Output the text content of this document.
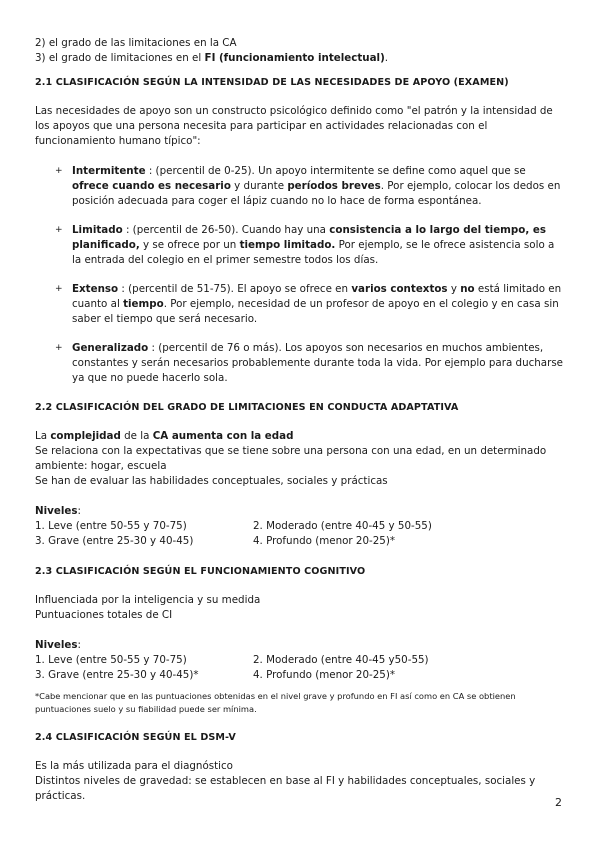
2) el grado de las limitaciones en la CA

3) el grado de limitaciones en el FI (funcionamiento intelectual).

2.1 CLASIFICACIÓN SEGÚN LA INTENSIDAD DE LAS NECESIDADES DE APOYO (EXAMEN)

Las necesidades de apoyo son un constructo psicológico definido como "el patrón y la intensidad de los apoyos que una persona necesita para participar en actividades relacionadas con el funcionamiento humano típico":

+ Intermitente : (percentil de 0-25). Un apoyo intermitente se define como aquel que se ofrece cuando es necesario y durante períodos breves. Por ejemplo, colocar los dedos en posición adecuada para coger el lápiz cuando no lo hace de forma espontánea.
+ Limitado : (percentil de 26-50). Cuando hay una consistencia a lo largo del tiempo, es planificado, y se ofrece por un tiempo limitado. Por ejemplo, se le ofrece asistencia solo a la entrada del colegio en el primer semestre todos los días.
+ Extenso : (percentil de 51-75). El apoyo se ofrece en varios contextos y no está limitado en cuanto al tiempo. Por ejemplo, necesidad de un profesor de apoyo en el colegio y en casa sin saber el tiempo que será necesario.
+ Generalizado : (percentil de 76 o más). Los apoyos son necesarios en muchos ambientes, constantes y serán necesarios probablemente durante toda la vida. Por ejemplo para ducharse ya que no puede hacerlo sola.

2.2 CLASIFICACIÓN DEL GRADO DE LIMITACIONES EN CONDUCTA ADAPTATIVA

La complejidad de la CA aumenta con la edad

Se relaciona con la expectativas que se tiene sobre una persona con una edad, en un determinado ambiente: hogar, escuela

Se han de evaluar las habilidades conceptuales, sociales y prácticas

Niveles:

1. Leve (entre 50-55 y 70-75)	2. Moderado (entre 40-45 y 50-55)
3. Grave (entre 25-30 y 40-45)	4. Profundo (menor 20-25)*

2.3 CLASIFICACIÓN SEGÚN EL FUNCIONAMIENTO COGNITIVO

Influenciada por la inteligencia y su medida

Puntuaciones totales de CI

Niveles:

1. Leve (entre 50-55 y 70-75)	2. Moderado (entre 40-45 y50-55)
3. Grave (entre 25-30 y 40-45)*	4. Profundo (menor 20-25)*

*Cabe mencionar que en las puntuaciones obtenidas en el nivel grave y profundo en FI así como en CA se obtienen puntuaciones suelo y su fiabilidad puede ser mínima.

2.4 CLASIFICACIÓN SEGÚN EL DSM-V

Es la más utilizada para el diagnóstico

Distintos niveles de gravedad: se establecen en base al FI y habilidades conceptuales, sociales y prácticas.	2
